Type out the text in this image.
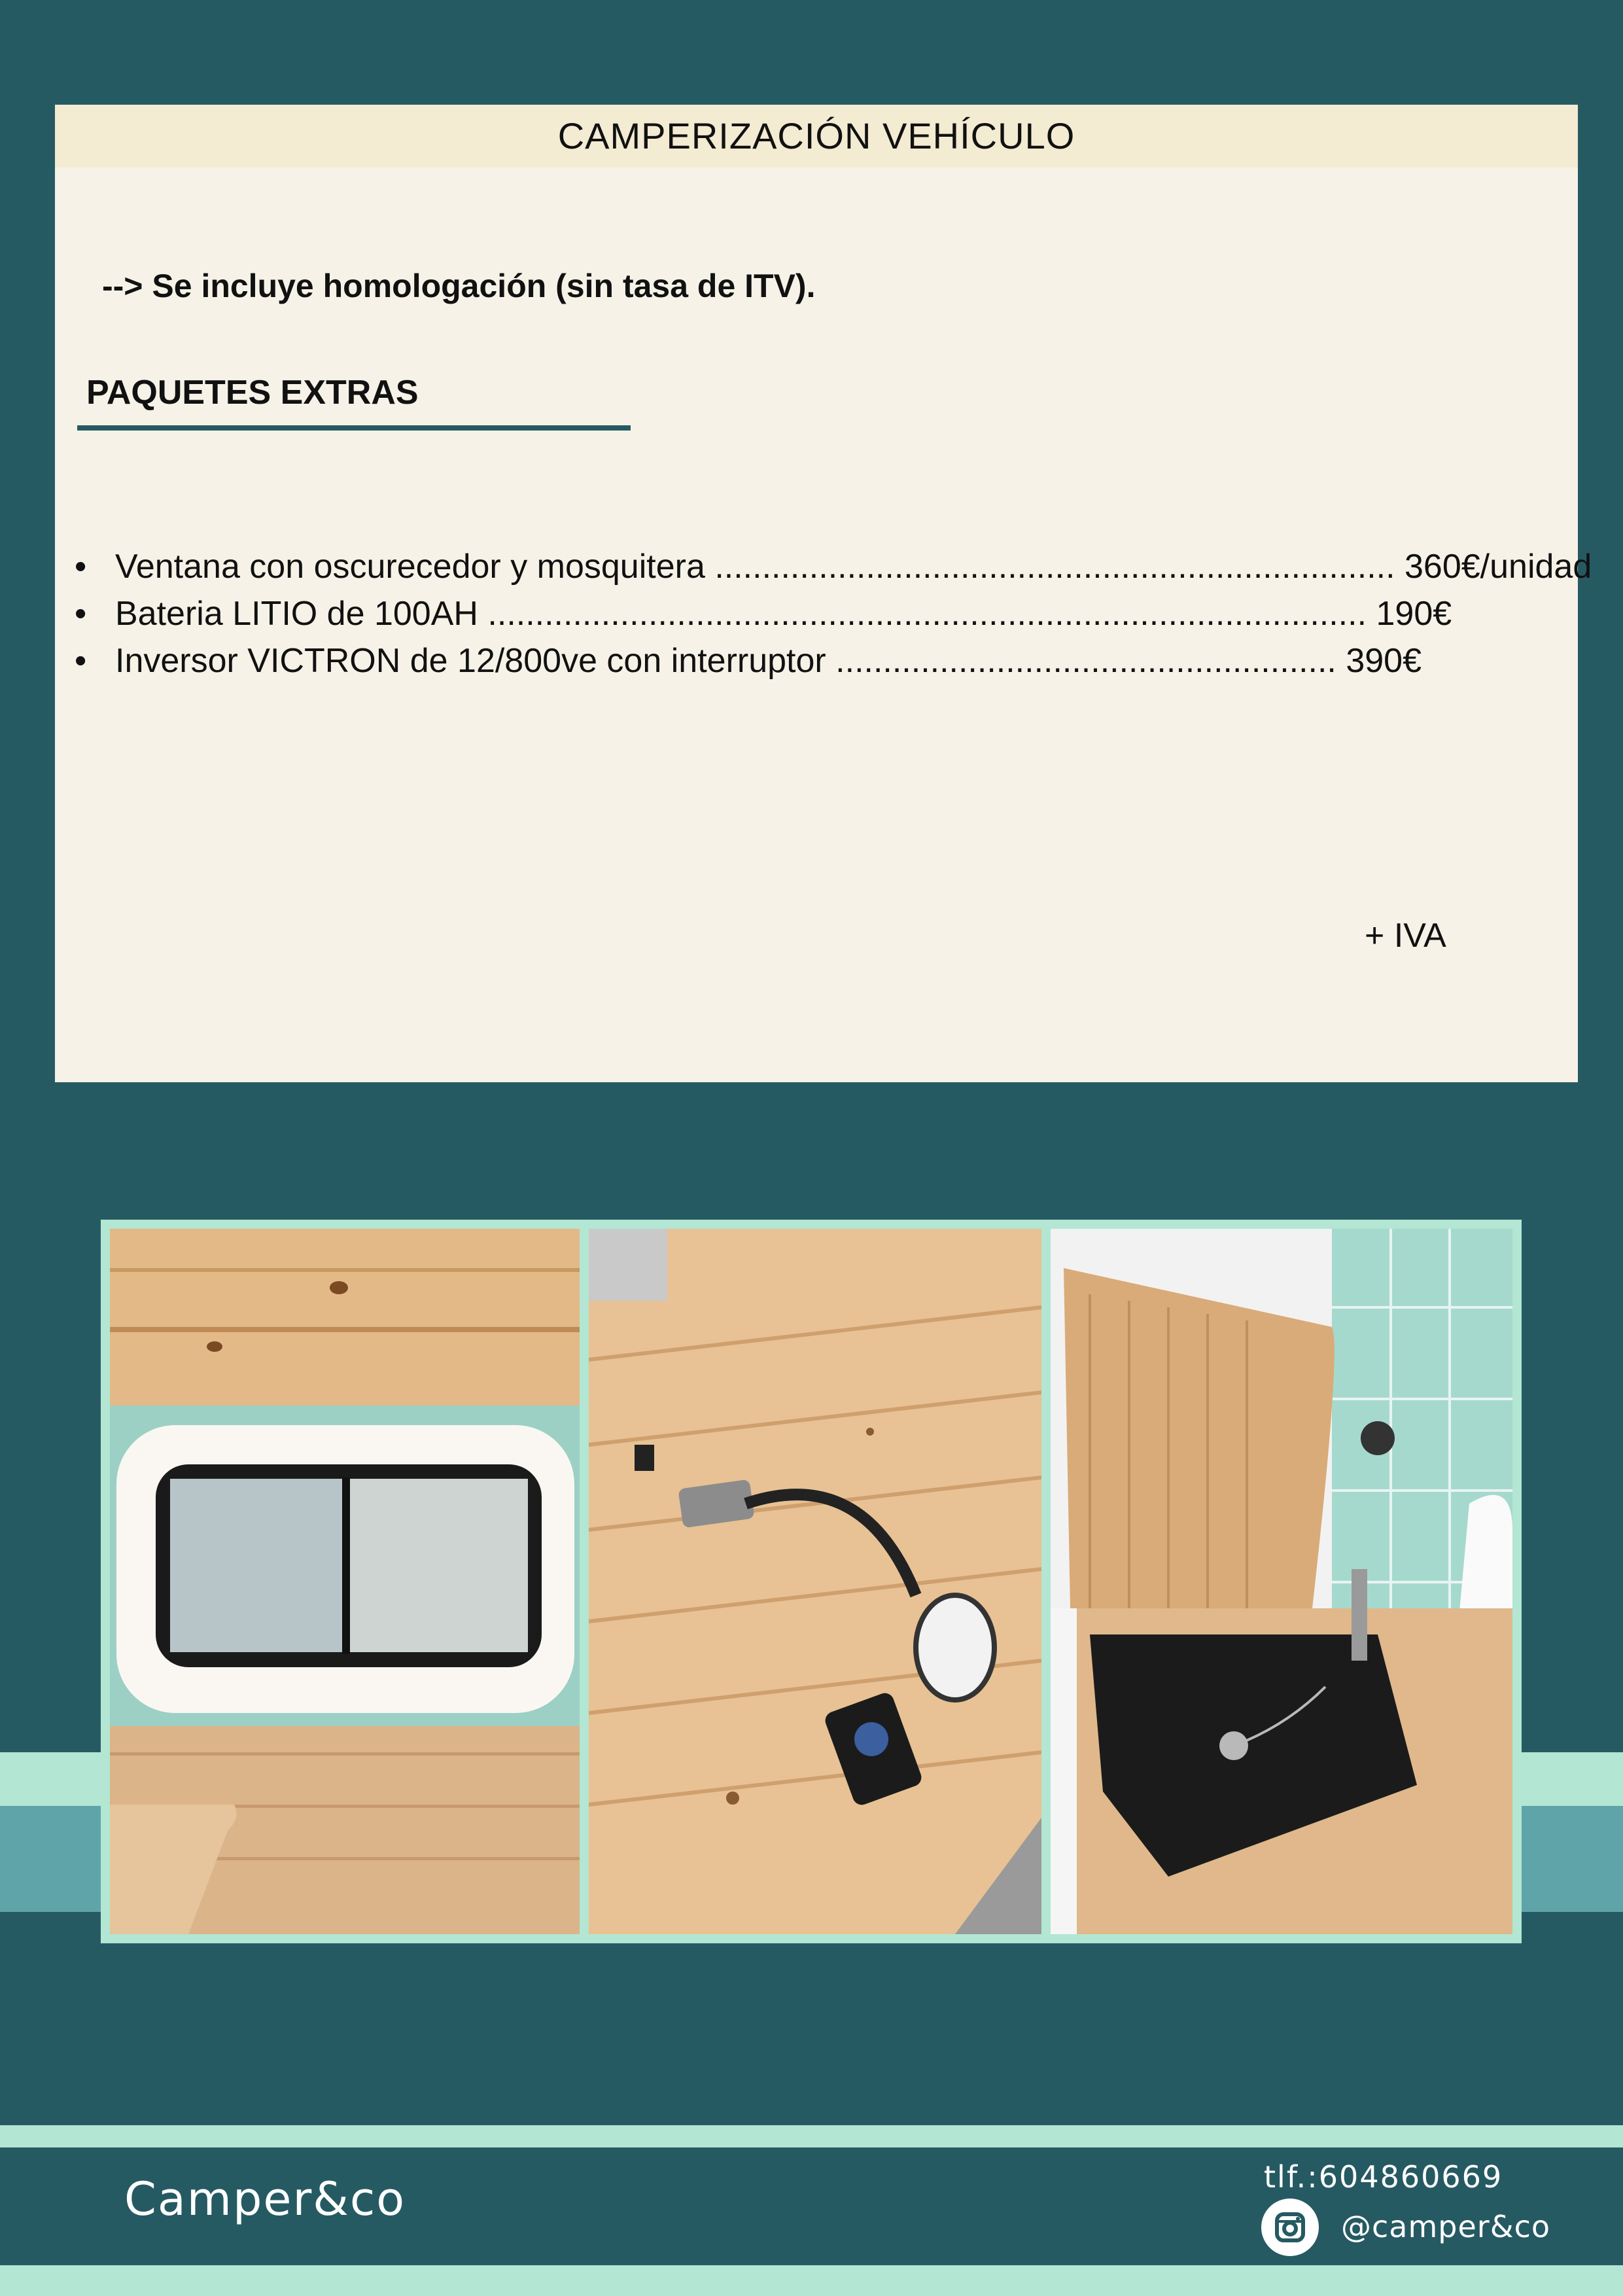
CAMPERIZACIÓN VEHÍCULO
--> Se incluye homologación (sin tasa de ITV).
PAQUETES EXTRAS
• Ventana con oscurecedor y mosquitera ........................................................................ 360€/unidad
• Bateria LITIO de 100AH ............................................................................................. 190€
• Inversor VICTRON de 12/800ve con interruptor ..................................................... 390€
+ IVA
Camper&co	tlf.:604860669
@camper&co
